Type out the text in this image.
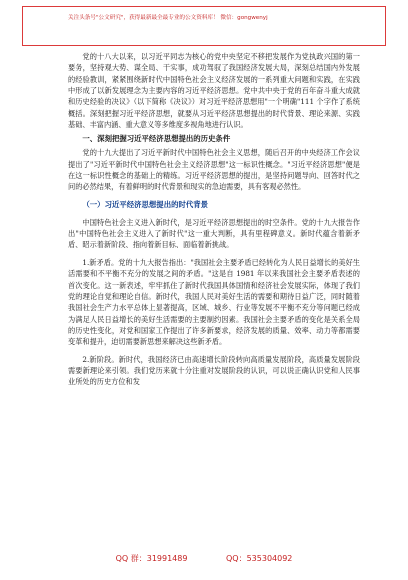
关注头条号"公文研究"，获得最新最全最专业的公文资料库！ 微信：gongwenyj

党的十八大以来，以习近平同志为核心的党中央坚定不移把发展作为党执政兴国的第一要务，坚持观大势、谋全局、干实事，成功驾驭了我国经济发展大局，深刻总结国内外发展的经验教训，紧紧围绕新时代中国特色社会主义经济发展的一系列重大问题和实践，在实践中形成了以新发展理念为主要内容的习近平经济思想。党中共中央于党的百年奋斗重大成就和历史经验的决议》（以下简称《决议》）对习近平经济思想用"一个明确"111 个字作了系统概括。深刻把握习近平经济思想，就要从习近平经济思想提出的时代背景、理论来源、实践基础、丰富内涵、重大意义等多维度多视角地进行认识。

一、深刻把握习近平经济思想提出的历史条件

党的十九大提出了习近平新时代中国特色社会主义思想，随后召开的中央经济工作会议提出了"习近平新时代中国特色社会主义经济思想"这一标识性概念。"习近平经济思想"便是在这一标识性概念的基础上的精练。习近平经济思想的提出，是坚持问题导向、回答时代之问的必然结果，有着鲜明的时代背景和现实的急迫需要，具有客观必然性。

（一）习近平经济思想提出的时代背景

中国特色社会主义进入新时代，是习近平经济思想提出的时空条件。党的十九大报告作出"中国特色社会主义进入了新时代"这一重大判断，具有里程碑意义。新时代蕴含着新矛盾、昭示着新阶段、指向着新目标、面临着新挑战。

1.新矛盾。党的十九大报告指出："我国社会主要矛盾已经转化为人民日益增长的美好生活需要和不平衡不充分的发展之间的矛盾。"这是自 1981 年以来我国社会主要矛盾表述的首次变化。这一新表述，牢牢抓住了新时代我国具体国情和经济社会发展实际，体现了我们党的理论自觉和理论自信。新时代，我国人民对美好生活的需要和期待日益广泛，同时随着我国社会生产力水平总体上显著提高，区域、城乡、行业等发展不平衡不充分等问题已经成为满足人民日益增长的美好生活需要的主要制约因素。我国社会主要矛盾的变化是关系全局的历史性变化，对党和国家工作提出了许多新要求，经济发展的质量、效率、动力等都需要变革和提升，迫切需要新思想来解决这些新矛盾。

2.新阶段。新时代，我国经济已由高速增长阶段转向高质量发展阶段，高质量发展阶段需要新理论来引领。我们党历来就十分注重对发展阶段的认识，可以说正确认识党和人民事业所处的历史方位和发

QQ 群：31991489	QQ：535304092
